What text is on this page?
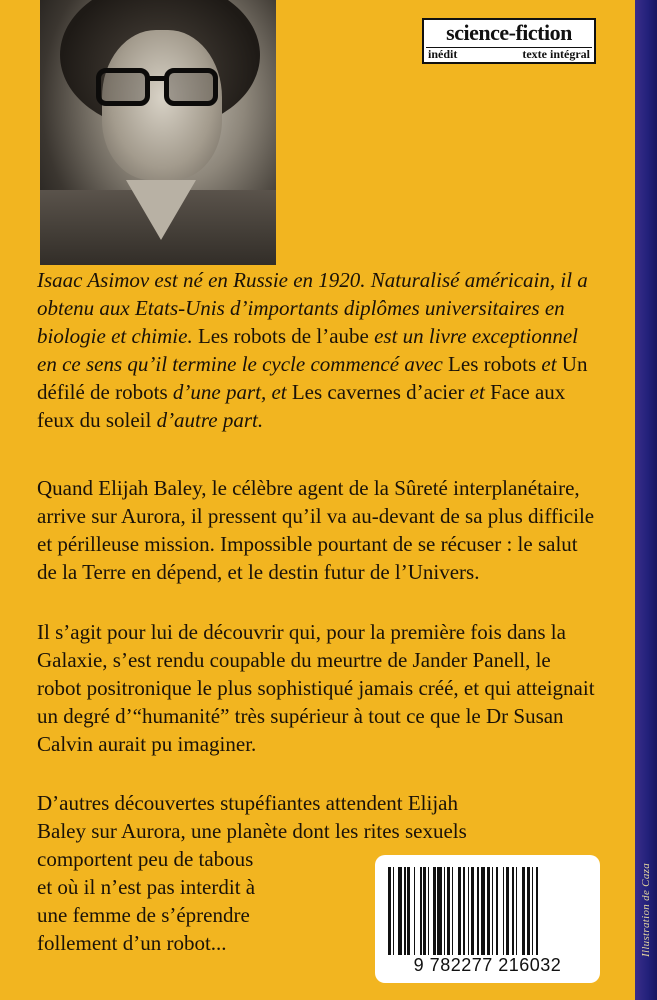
Illustration de Caza
science-fiction
inédit	texte intégral

Isaac Asimov est né en Russie en 1920. Naturalisé américain, il a obtenu aux Etats-Unis d’importants diplômes universitaires en biologie et chimie. Les robots de l’aube est un livre exceptionnel en ce sens qu’il termine le cycle commencé avec Les robots et Un défilé de robots d’une part, et Les cavernes d’acier et Face aux feux du soleil d’autre part.

Quand Elijah Baley, le célèbre agent de la Sûreté interplanétaire, arrive sur Aurora, il pressent qu’il va au-devant de sa plus difficile et périlleuse mission. Impossible pourtant de se récuser : le salut de la Terre en dépend, et le destin futur de l’Univers.

Il s’agit pour lui de découvrir qui, pour la première fois dans la Galaxie, s’est rendu coupable du meurtre de Jander Panell, le robot positronique le plus sophistiqué jamais créé, et qui atteignait un degré d’“humanité” très supérieur à tout ce que le Dr Susan Calvin aurait pu imaginer.

D’autres découvertes stupéfiantes attendent Elijah
Baley sur Aurora, une planète dont les rites sexuels
comportent peu de tabous
et où il n’est pas interdit à
une femme de s’éprendre
follement d’un robot...
9 782277 216032
